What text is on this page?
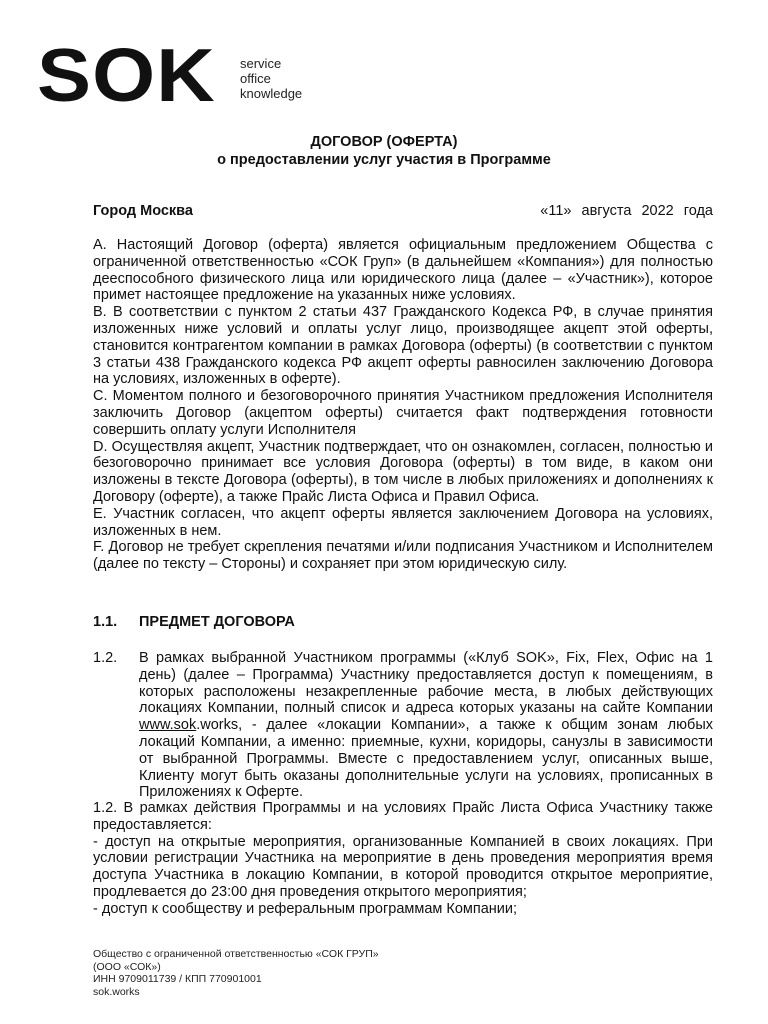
SOK service
office
knowledge
ДОГОВОР (ОФЕРТА)
о предоставлении услуг участия в Программе
Город Москва	«11» августа 2022 года

А. Настоящий Договор (оферта) является официальным предложением Общества с ограниченной ответственностью «СОК Груп» (в дальнейшем «Компания») для полностью дееспособного физического лица или юридического лица (далее – «Участник»), которое примет настоящее предложение на указанных ниже условиях.

В. В соответствии с пунктом 2 статьи 437 Гражданского Кодекса РФ, в случае принятия изложенных ниже условий и оплаты услуг лицо, производящее акцепт этой оферты, становится контрагентом компании в рамках Договора (оферты) (в соответствии с пунктом 3 статьи 438 Гражданского кодекса РФ акцепт оферты равносилен заключению Договора на условиях, изложенных в оферте).

С. Моментом полного и безоговорочного принятия Участником предложения Исполнителя заключить Договор (акцептом оферты) считается факт подтверждения готовности совершить оплату услуги Исполнителя

D. Осуществляя акцепт, Участник подтверждает, что он ознакомлен, согласен, полностью и безоговорочно принимает все условия Договора (оферты) в том виде, в каком они изложены в тексте Договора (оферты), в том числе в любых приложениях и дополнениях к Договору (оферте), а также Прайс Листа Офиса и Правил Офиса.

Е. Участник согласен, что акцепт оферты является заключением Договора на условиях, изложенных в нем.

F. Договор не требует скрепления печатями и/или подписания Участником и Исполнителем (далее по тексту – Стороны) и сохраняет при этом юридическую силу.

1.1. ПРЕДМЕТ ДОГОВОРА
1.2. В рамках выбранной Участником программы («Клуб SOK», Fix, Flex, Офис на 1 день) (далее – Программа) Участнику предоставляется доступ к помещениям, в которых расположены незакрепленные рабочие места, в любых действующих локациях Компании, полный список и адреса которых указаны на сайте Компании www.sok.works, - далее «локации Компании», а также к общим зонам любых локаций Компании, а именно: приемные, кухни, коридоры, санузлы в зависимости от выбранной Программы. Вместе с предоставлением услуг, описанных выше, Клиенту могут быть оказаны дополнительные услуги на условиях, прописанных в Приложениях к Оферте.

1.2. В рамках действия Программы и на условиях Прайс Листа Офиса Участнику также предоставляется:

- доступ на открытые мероприятия, организованные Компанией в своих локациях. При условии регистрации Участника на мероприятие в день проведения мероприятия время доступа Участника в локацию Компании, в которой проводится открытое мероприятие, продлевается до 23:00 дня проведения открытого мероприятия;

- доступ к сообществу и реферальным программам Компании;

Общество с ограниченной ответственностью «СОК ГРУП»
(ООО «СОК»)
ИНН 9709011739 / КПП 770901001
sok.works
